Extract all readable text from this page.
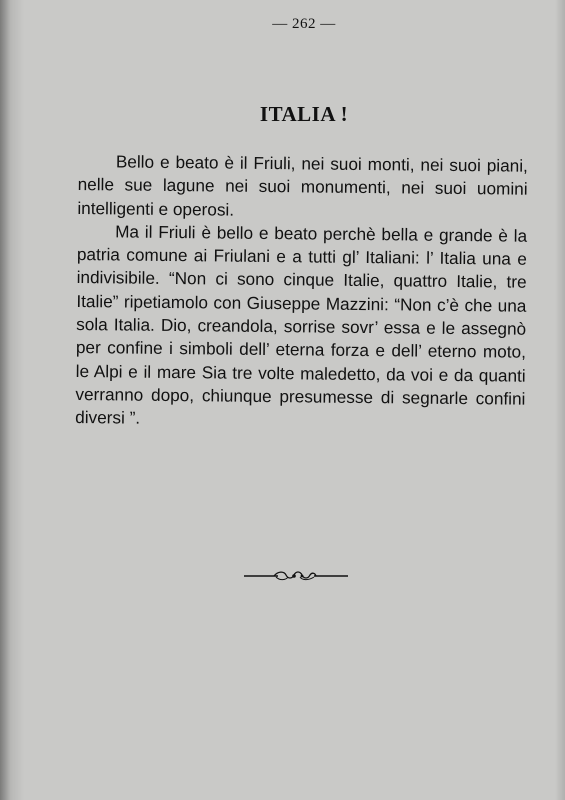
— 262 —
ITALIA !

Bello e beato è il Friuli, nei suoi monti, nei suoi piani, nelle sue lagune nei suoi monumenti, nei suoi uomini intelligenti e operosi.

Ma il Friuli è bello e beato perchè bella e grande è la patria comune ai Friulani e a tutti gl’ Italiani: l’ Italia una e indivisibile. “Non ci sono cinque Italie, quattro Italie, tre Italie” ripetiamolo con Giuseppe Mazzini: “Non c’è che una sola Italia. Dio, creandola, sorrise sovr’ essa e le assegnò per confine i simboli dell’ eterna forza e dell’ eterno moto, le Alpi e il mare Sia tre volte maledetto, da voi e da quanti verranno dopo, chiunque presumesse di segnarle confini diversi ”.
